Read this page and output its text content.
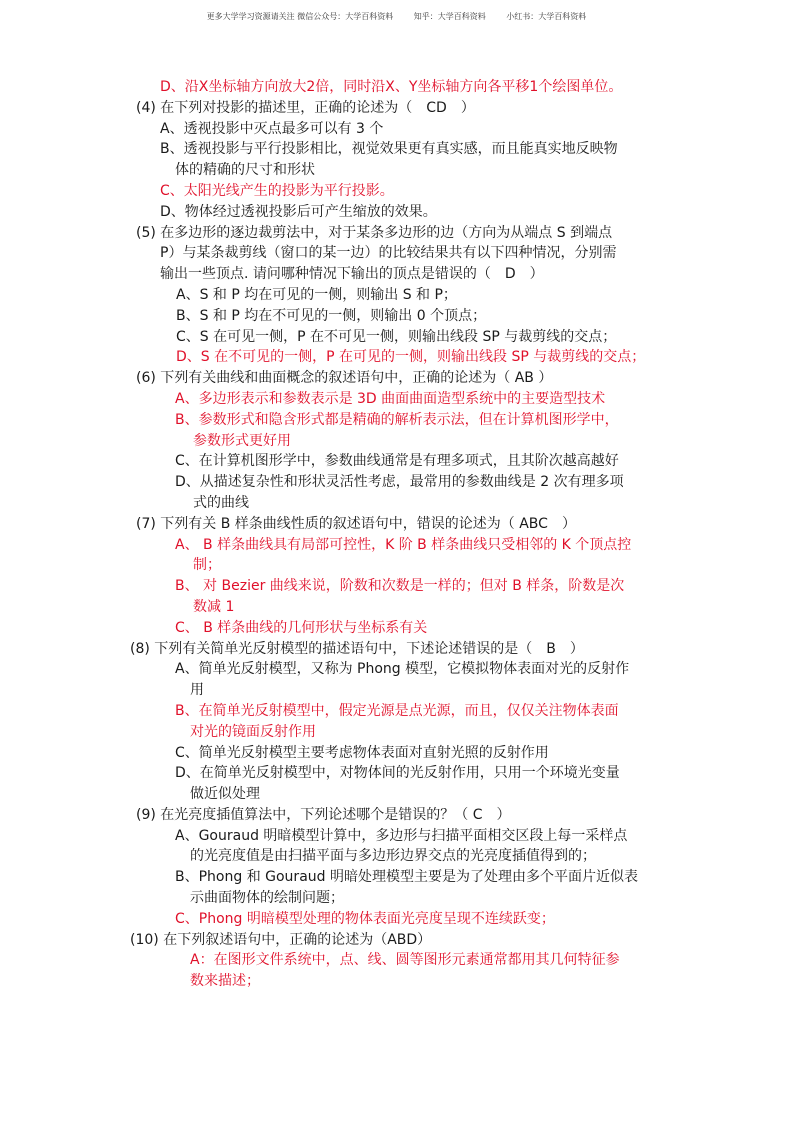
更多大学学习资源请关注 微信公众号：大学百科资料	知乎：大学百科资料	小红书：大学百科资料

D、沿X坐标轴方向放大2倍，同时沿X、Y坐标轴方向各平移1个绘图单位。

(4) 在下列对投影的描述里，正确的论述为（　CD　）

A、透视投影中灭点最多可以有 3 个

B、透视投影与平行投影相比，视觉效果更有真实感，而且能真实地反映物

体的精确的尺寸和形状

C、太阳光线产生的投影为平行投影。

D、物体经过透视投影后可产生缩放的效果。

(5) 在多边形的逐边裁剪法中，对于某条多边形的边（方向为从端点 S 到端点

P）与某条裁剪线（窗口的某一边）的比较结果共有以下四种情况，分别需

输出一些顶点. 请问哪种情况下输出的顶点是错误的（　D　）

A、S 和 P 均在可见的一侧，则输出 S 和 P；

B、S 和 P 均在不可见的一侧，则输出 0 个顶点；

C、S 在可见一侧，P 在不可见一侧，则输出线段 SP 与裁剪线的交点；

D、S 在不可见的一侧，P 在可见的一侧，则输出线段 SP 与裁剪线的交点；

(6) 下列有关曲线和曲面概念的叙述语句中，正确的论述为（ AB ）

A、多边形表示和参数表示是 3D 曲面曲面造型系统中的主要造型技术

B、参数形式和隐含形式都是精确的解析表示法，但在计算机图形学中，

参数形式更好用

C、在计算机图形学中，参数曲线通常是有理多项式，且其阶次越高越好

D、从描述复杂性和形状灵活性考虑，最常用的参数曲线是 2 次有理多项

式的曲线

(7) 下列有关 B 样条曲线性质的叙述语句中，错误的论述为（ ABC　）

A、 B 样条曲线具有局部可控性，K 阶 B 样条曲线只受相邻的 K 个顶点控

制；

B、 对 Bezier 曲线来说，阶数和次数是一样的；但对 B 样条，阶数是次

数减 1

C、 B 样条曲线的几何形状与坐标系有关

(8) 下列有关简单光反射模型的描述语句中，下述论述错误的是（　B　）

A、简单光反射模型，又称为 Phong 模型，它模拟物体表面对光的反射作

用

B、在简单光反射模型中，假定光源是点光源，而且，仅仅关注物体表面

对光的镜面反射作用

C、简单光反射模型主要考虑物体表面对直射光照的反射作用

D、在简单光反射模型中，对物体间的光反射作用，只用一个环境光变量

做近似处理

(9) 在光亮度插值算法中，下列论述哪个是错误的？（ C　）

A、Gouraud 明暗模型计算中，多边形与扫描平面相交区段上每一采样点

的光亮度值是由扫描平面与多边形边界交点的光亮度插值得到的；

B、Phong 和 Gouraud 明暗处理模型主要是为了处理由多个平面片近似表

示曲面物体的绘制问题；

C、Phong 明暗模型处理的物体表面光亮度呈现不连续跃变；

(10) 在下列叙述语句中，正确的论述为（ABD）

A：在图形文件系统中，点、线、圆等图形元素通常都用其几何特征参

数来描述；
